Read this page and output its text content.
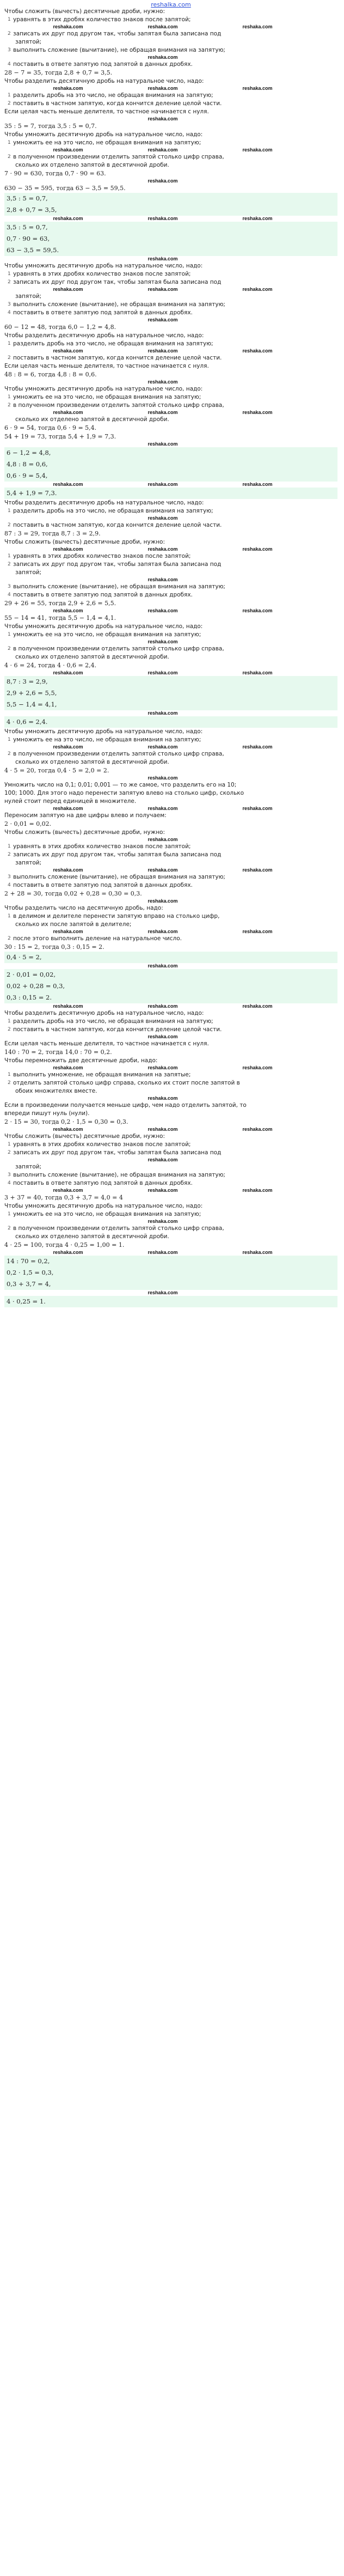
reshalka.com
Чтобы сложить (вычесть) десятичные дроби, нужно:
1 уравнять в этих дробях количество знаков после запятой;
reshaka.com	reshaka.com	reshaka.com
2 записать их друг под другом так, чтобы запятая была записана под
запятой;
3 выполнить сложение (вычитание), не обращая внимания на запятую;
reshaka.com
4 поставить в ответе запятую под запятой в данных дробях.
28 − 7 = 35, тогда 2,8 + 0,7 = 3,5.
Чтобы разделить десятичную дробь на натуральное число, надо:
reshaka.com	reshaka.com	reshaka.com
1 разделить дробь на это число, не обращая внимания на запятую;
2 поставить в частном запятую, когда кончится деление целой части.
Если целая часть меньше делителя, то частное начинается с нуля.
reshaka.com
35 : 5 = 7, тогда 3,5 : 5 = 0,7.
Чтобы умножить десятичную дробь на натуральное число, надо:
1 умножить ее на это число, не обращая внимания на запятую;
reshaka.com	reshaka.com	reshaka.com
2 в полученном произведении отделить запятой столько цифр справа,
сколько их отделено запятой в десятичной дроби.
7 · 90 = 630, тогда 0,7 · 90 = 63.
reshaka.com
630 − 35 = 595, тогда 63 − 3,5 = 59,5.
3,5 : 5 = 0,7,
2,8 + 0,7 = 3,5,
reshaka.com	reshaka.com	reshaka.com
3,5 : 5 = 0,7,
0,7 · 90 = 63,
63 − 3,5 = 59,5.
reshaka.com
Чтобы умножить десятичную дробь на натуральное число, надо:
1 уравнять в этих дробях количество знаков после запятой;
2 записать их друг под другом так, чтобы запятая была записана под
reshaka.com	reshaka.com	reshaka.com
запятой;
3 выполнить сложение (вычитание), не обращая внимания на запятую;
4 поставить в ответе запятую под запятой в данных дробях.
reshaka.com
60 − 12 = 48, тогда 6,0 − 1,2 = 4,8.
Чтобы разделить десятичную дробь на натуральное число, надо:
1 разделить дробь на это число, не обращая внимания на запятую;
reshaka.com	reshaka.com	reshaka.com
2 поставить в частном запятую, когда кончится деление целой части.
Если целая часть меньше делителя, то частное начинается с нуля.
48 : 8 = 6, тогда 4,8 : 8 = 0,6.
reshaka.com
Чтобы умножить десятичную дробь на натуральное число, надо:
1 умножить ее на это число, не обращая внимания на запятую;
2 в полученном произведении отделить запятой столько цифр справа,
reshaka.com	reshaka.com	reshaka.com
сколько их отделено запятой в десятичной дроби.
6 · 9 = 54, тогда 0,6 · 9 = 5,4.
54 + 19 = 73, тогда 5,4 + 1,9 = 7,3.
reshaka.com
6 − 1,2 = 4,8,
4,8 : 8 = 0,6,
0,6 · 9 = 5,4,
reshaka.com	reshaka.com	reshaka.com
5,4 + 1,9 = 7,3.
Чтобы разделить десятичную дробь на натуральное число, надо:
1 разделить дробь на это число, не обращая внимания на запятую;
reshaka.com
2 поставить в частном запятую, когда кончится деление целой части.
87 : 3 = 29, тогда 8,7 : 3 = 2,9.
Чтобы сложить (вычесть) десятичные дроби, нужно:
reshaka.com	reshaka.com	reshaka.com
1 уравнять в этих дробях количество знаков после запятой;
2 записать их друг под другом так, чтобы запятая была записана под
запятой;
reshaka.com
3 выполнить сложение (вычитание), не обращая внимания на запятую;
4 поставить в ответе запятую под запятой в данных дробях.
29 + 26 = 55, тогда 2,9 + 2,6 = 5,5.
reshaka.com	reshaka.com	reshaka.com
55 − 14 = 41, тогда 5,5 − 1,4 = 4,1.
Чтобы умножить десятичную дробь на натуральное число, надо:
1 умножить ее на это число, не обращая внимания на запятую;
reshaka.com
2 в полученном произведении отделить запятой столько цифр справа,
сколько их отделено запятой в десятичной дроби.
4 · 6 = 24, тогда 4 · 0,6 = 2,4.
reshaka.com	reshaka.com	reshaka.com
8,7 : 3 = 2,9,
2,9 + 2,6 = 5,5,
5,5 − 1,4 = 4,1,
reshaka.com
4 · 0,6 = 2,4.
Чтобы умножить десятичную дробь на натуральное число, надо:
1 умножить ее на это число, не обращая внимания на запятую;
reshaka.com	reshaka.com	reshaka.com
2 в полученном произведении отделить запятой столько цифр справа,
сколько их отделено запятой в десятичной дроби.
4 · 5 = 20, тогда 0,4 · 5 = 2,0 = 2.
reshaka.com
Умножить число на 0,1; 0,01; 0,001 — то же самое, что разделить его на 10;
100; 1000. Для этого надо перенести запятую влево на столько цифр, сколько
нулей стоит перед единицей в множителе.
reshaka.com	reshaka.com	reshaka.com
Переносим запятую на две цифры влево и получаем:
2 · 0,01 = 0,02.
Чтобы сложить (вычесть) десятичные дроби, нужно:
reshaka.com
1 уравнять в этих дробях количество знаков после запятой;
2 записать их друг под другом так, чтобы запятая была записана под
запятой;
reshaka.com	reshaka.com	reshaka.com
3 выполнить сложение (вычитание), не обращая внимания на запятую;
4 поставить в ответе запятую под запятой в данных дробях.
2 + 28 = 30, тогда 0,02 + 0,28 = 0,30 = 0,3.
reshaka.com
Чтобы разделить число на десятичную дробь, надо:
1 в делимом и делителе перенести запятую вправо на столько цифр,
сколько их после запятой в делителе;
reshaka.com	reshaka.com	reshaka.com
2 после этого выполнить деление на натуральное число.
30 : 15 = 2, тогда 0,3 : 0,15 = 2.
0,4 · 5 = 2,
reshaka.com
2 · 0,01 = 0,02,
0,02 + 0,28 = 0,3,
0,3 : 0,15 = 2.
reshaka.com	reshaka.com	reshaka.com
Чтобы разделить десятичную дробь на натуральное число, надо:
1 разделить дробь на это число, не обращая внимания на запятую;
2 поставить в частном запятую, когда кончится деление целой части.
reshaka.com
Если целая часть меньше делителя, то частное начинается с нуля.
140 : 70 = 2, тогда 14,0 : 70 = 0,2.
Чтобы перемножить две десятичные дроби, надо:
reshaka.com	reshaka.com	reshaka.com
1 выполнить умножение, не обращая внимания на запятые;
2 отделить запятой столько цифр справа, сколько их стоит после запятой в
обоих множителях вместе.
reshaka.com
Если в произведении получается меньше цифр, чем надо отделить запятой, то
впереди пишут нуль (нули).
2 · 15 = 30, тогда 0,2 · 1,5 = 0,30 = 0,3.
reshaka.com	reshaka.com	reshaka.com
Чтобы сложить (вычесть) десятичные дроби, нужно:
1 уравнять в этих дробях количество знаков после запятой;
2 записать их друг под другом так, чтобы запятая была записана под
reshaka.com
запятой;
3 выполнить сложение (вычитание), не обращая внимания на запятую;
4 поставить в ответе запятую под запятой в данных дробях.
reshaka.com	reshaka.com	reshaka.com
3 + 37 = 40, тогда 0,3 + 3,7 = 4,0 = 4
Чтобы умножить десятичную дробь на натуральное число, надо:
1 умножить ее на это число, не обращая внимания на запятую;
reshaka.com
2 в полученном произведении отделить запятой столько цифр справа,
сколько их отделено запятой в десятичной дроби.
4 · 25 = 100, тогда 4 · 0,25 = 1,00 = 1.
reshaka.com	reshaka.com	reshaka.com
14 : 70 = 0,2,
0,2 · 1,5 = 0,3,
0,3 + 3,7 = 4,
reshaka.com
4 · 0,25 = 1.
